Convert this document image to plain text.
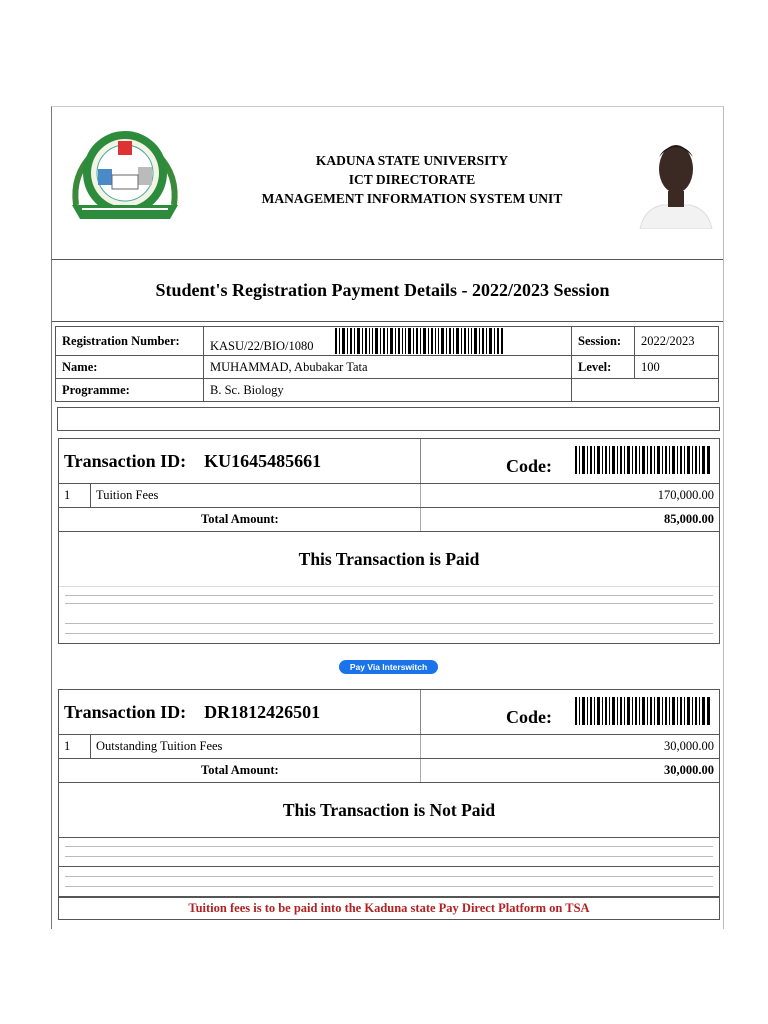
KADUNA STATE UNIVERSITY
ICT DIRECTORATE
MANAGEMENT INFORMATION SYSTEM UNIT
Student's Registration Payment Details - 2022/2023 Session
Registration Number:	KASU/22/BIO/1080	Session:	2022/2023
Name:	MUHAMMAD, Abubakar Tata	Level:	100
Programme:	B. Sc. Biology		
Transaction ID: KU1645485661	Code:
1 Tuition Fees	170,000.00
Total Amount:	85,000.00
This Transaction is Paid
Pay Via Interswitch
Transaction ID: DR1812426501	Code:
1 Outstanding Tuition Fees	30,000.00
Total Amount:	30,000.00
This Transaction is Not Paid
Tuition fees is to be paid into the Kaduna state Pay Direct Platform on TSA
